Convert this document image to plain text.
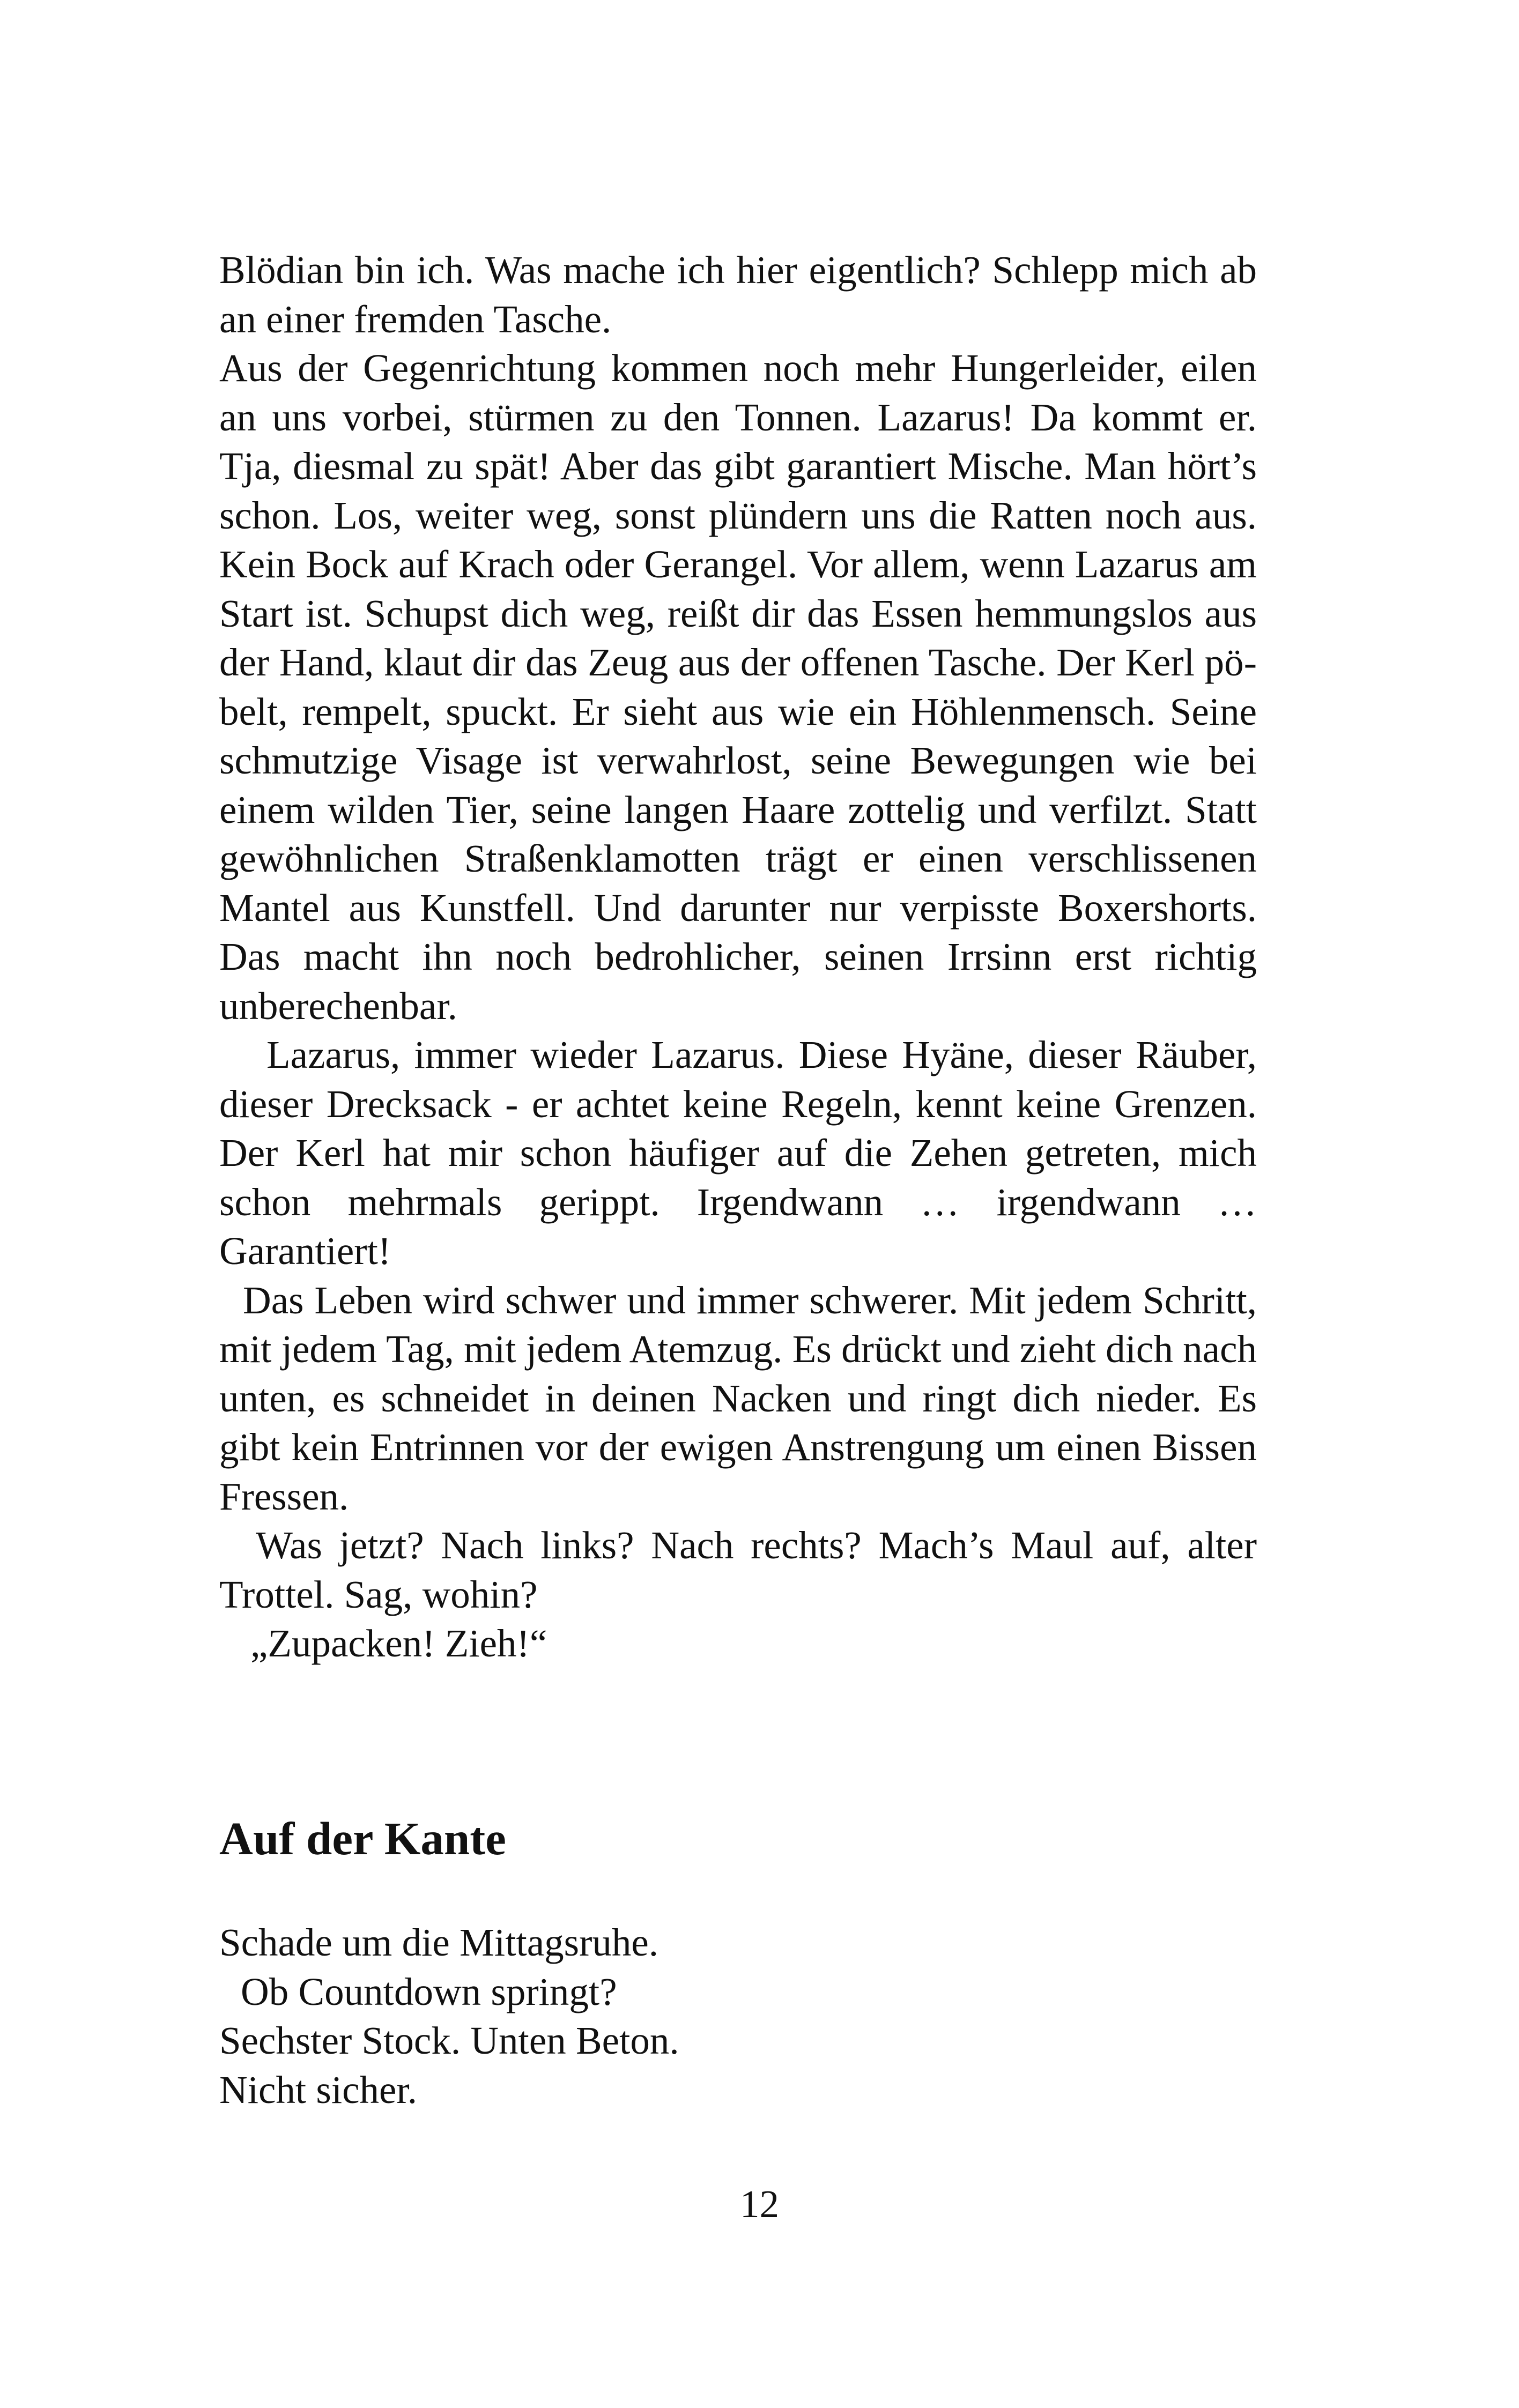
Blödian bin ich. Was mache ich hier eigentlich? Schlepp mich ab an einer fremden Tasche.

Aus der Gegenrichtung kommen noch mehr Hungerleider, eilen an uns vorbei, stürmen zu den Tonnen. Lazarus! Da kommt er. Tja, diesmal zu spät! Aber das gibt garantiert Mische. Man hört’s schon. Los, weiter weg, sonst plündern uns die Ratten noch aus. Kein Bock auf Krach oder Gerangel. Vor allem, wenn Lazarus am Start ist. Schupst dich weg, reißt dir das Essen hemmungslos aus der Hand, klaut dir das Zeug aus der offenen Tasche. Der Kerl pöbelt, rempelt, spuckt. Er sieht aus wie ein Höhlenmensch. Seine schmutzige Visage ist verwahrlost, seine Bewegungen wie bei einem wilden Tier, seine langen Haare zottelig und verfilzt. Statt gewöhnlichen Straßenklamotten trägt er einen verschlissenen Mantel aus Kunstfell. Und darunter nur verpisste Boxershorts. Das macht ihn noch bedrohlicher, seinen Irrsinn erst richtig unberechenbar.

Lazarus, immer wieder Lazarus. Diese Hyäne, dieser Räuber, dieser Drecksack - er achtet keine Regeln, kennt keine Grenzen. Der Kerl hat mir schon häufiger auf die Zehen getreten, mich schon mehrmals gerippt. Irgendwann … irgendwann … Garantiert!

Das Leben wird schwer und immer schwerer. Mit jedem Schritt, mit jedem Tag, mit jedem Atemzug. Es drückt und zieht dich nach unten, es schneidet in deinen Nacken und ringt dich nieder. Es gibt kein Entrinnen vor der ewigen Anstrengung um einen Bissen Fressen.

Was jetzt? Nach links? Nach rechts? Mach’s Maul auf, alter Trottel. Sag, wohin?

„Zupacken! Zieh!“

Auf der Kante

Schade um die Mittagsruhe.

Ob Countdown springt?

Sechster Stock. Unten Beton.

Nicht sicher.

12
